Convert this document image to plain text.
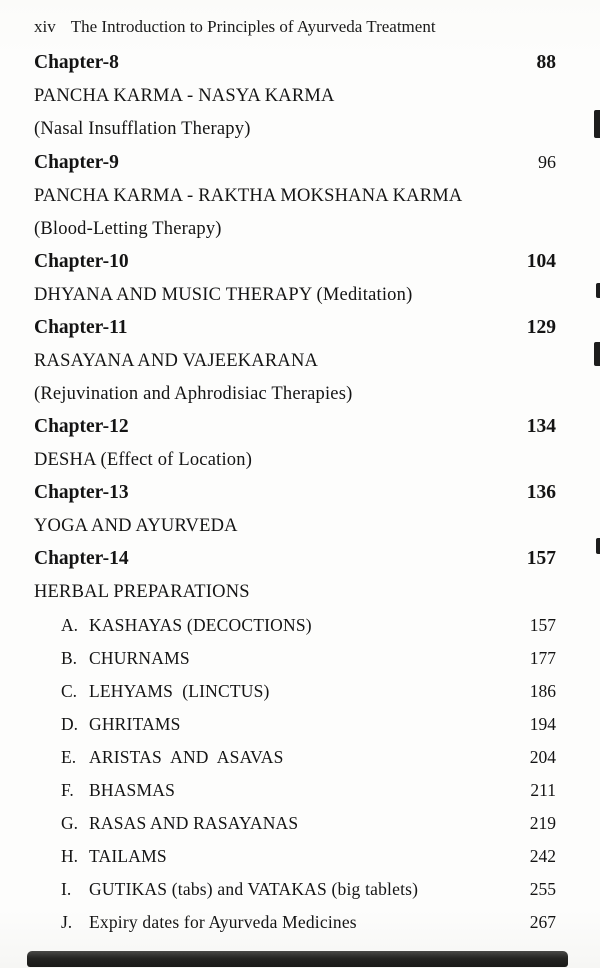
xiv The Introduction to Principles of Ayurveda Treatment
Chapter-8	88
PANCHA KARMA - NASYA KARMA
(Nasal Insufflation Therapy)
Chapter-9	96
PANCHA KARMA - RAKTHA MOKSHANA KARMA
(Blood-Letting Therapy)
Chapter-10	104
DHYANA AND MUSIC THERAPY (Meditation)
Chapter-11	129
RASAYANA AND VAJEEKARANA
(Rejuvination and Aphrodisiac Therapies)
Chapter-12	134
DESHA (Effect of Location)
Chapter-13	136
YOGA AND AYURVEDA
Chapter-14	157
HERBAL PREPARATIONS
A. KASHAYAS (DECOCTIONS)	157
B. CHURNAMS	177
C. LEHYAMS  (LINCTUS)	186
D. GHRITAMS	194
E. ARISTAS  AND  ASAVAS	204
F. BHASMAS	211
G. RASAS AND RASAYANAS	219
H. TAILAMS	242
I.	GUTIKAS (tabs) and VATAKAS (big tablets)	255
J. Expiry dates for Ayurveda Medicines	267
